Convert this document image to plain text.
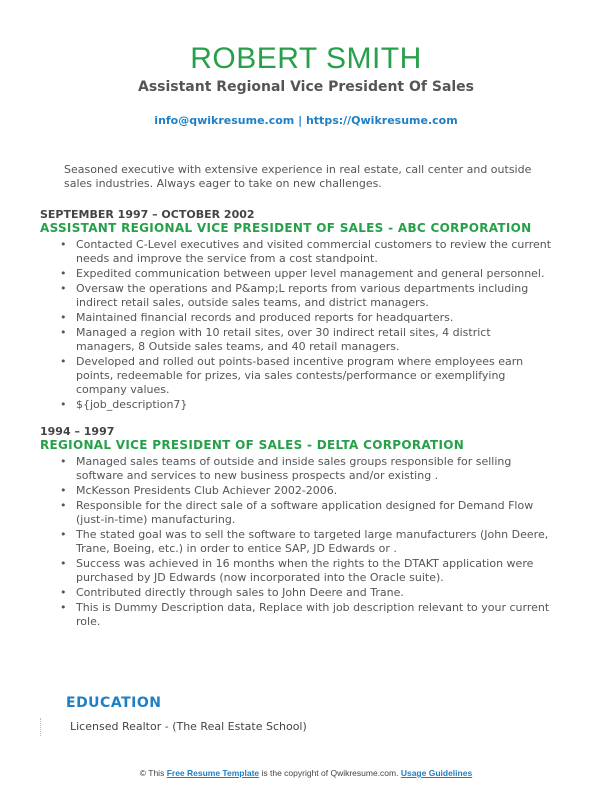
ROBERT SMITH
Assistant Regional Vice President Of Sales
info@qwikresume.com | https://Qwikresume.com
Seasoned executive with extensive experience in real estate, call center and outside sales industries. Always eager to take on new challenges.
SEPTEMBER 1997 – OCTOBER 2002
ASSISTANT REGIONAL VICE PRESIDENT OF SALES - ABC CORPORATION
• Contacted C-Level executives and visited commercial customers to review the current needs and improve the service from a cost standpoint.
• Expedited communication between upper level management and general personnel.
• Oversaw the operations and P&amp;L reports from various departments including indirect retail sales, outside sales teams, and district managers.
• Maintained financial records and produced reports for headquarters.
• Managed a region with 10 retail sites, over 30 indirect retail sites, 4 district managers, 8 Outside sales teams, and 40 retail managers.
• Developed and rolled out points-based incentive program where employees earn points, redeemable for prizes, via sales contests/performance or exemplifying company values.
• ${job_description7}
1994 – 1997
REGIONAL VICE PRESIDENT OF SALES - DELTA CORPORATION
• Managed sales teams of outside and inside sales groups responsible for selling software and services to new business prospects and/or existing .
• McKesson Presidents Club Achiever 2002-2006.
• Responsible for the direct sale of a software application designed for Demand Flow (just-in-time) manufacturing.
• The stated goal was to sell the software to targeted large manufacturers (John Deere, Trane, Boeing, etc.) in order to entice SAP, JD Edwards or .
• Success was achieved in 16 months when the rights to the DTAKT application were purchased by JD Edwards (now incorporated into the Oracle suite).
• Contributed directly through sales to John Deere and Trane.
• This is Dummy Description data, Replace with job description relevant to your current role.
EDUCATION
Licensed Realtor - (The Real Estate School)
© This Free Resume Template is the copyright of Qwikresume.com. Usage Guidelines
